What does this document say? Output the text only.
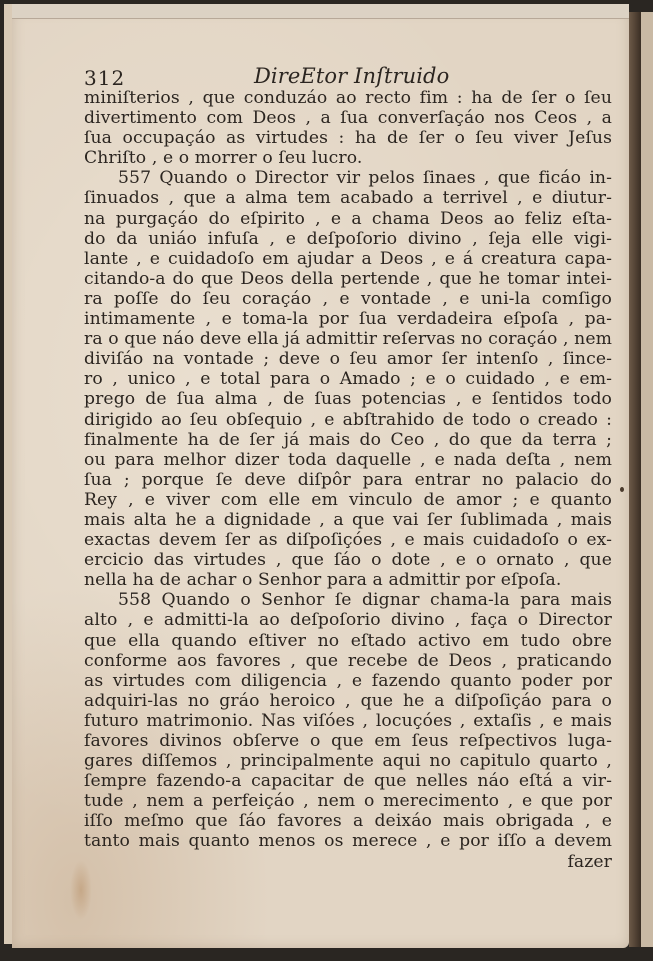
312	DireEtor Inſtruido
miniſterios , que conduzáo ao recto fim : ha de ſer o ſeu
divertimento com Deos , a ſua converſaçáo nos Ceos , a
ſua occupaçáo as virtudes : ha de ſer o ſeu viver Jeſus
Chriſto , e o morrer o ſeu lucro.
557 Quando o Director vir pelos ſinaes , que ficáo in-
ſinuados , que a alma tem acabado a terrivel , e diutur-
na purgaçáo do eſpirito , e a chama Deos ao feliz eſta-
do da uniáo infuſa , e deſpoſorio divino , ſeja elle vigi-
lante , e cuidadoſo em ajudar a Deos , e á creatura capa-
citando-a do que Deos della pertende , que he tomar intei-
ra poſſe do ſeu coraçáo , e vontade , e uni-la comſigo
intimamente , e toma-la por ſua verdadeira eſpoſa , pa-
ra o que náo deve ella já admittir reſervas no coraçáo , nem
diviſáo na vontade ; deve o ſeu amor ſer intenſo , ſince-
ro , unico , e total para o Amado ; e o cuidado , e em-
prego de ſua alma , de ſuas potencias , e ſentidos todo
dirigido ao ſeu obſequio , e abſtrahido de todo o creado :
finalmente ha de ſer já mais do Ceo , do que da terra ;
ou para melhor dizer toda daquelle , e nada deſta , nem
ſua ; porque ſe deve diſpôr para entrar no palacio do
Rey , e viver com elle em vinculo de amor ; e quanto
mais alta he a dignidade , a que vai ſer ſublimada , mais
exactas devem ſer as diſpoſiçóes , e mais cuidadoſo o ex-
ercicio das virtudes , que ſáo o dote , e o ornato , que
nella ha de achar o Senhor para a admittir por eſpoſa.
558 Quando o Senhor ſe dignar chama-la para mais
alto , e admitti-la ao deſpoſorio divino , faça o Director
que ella quando eſtiver no eſtado activo em tudo obre
conforme aos favores , que recebe de Deos , praticando
as virtudes com diligencia , e fazendo quanto poder por
adquiri-las no gráo heroico , que he a diſpoſiçáo para o
futuro matrimonio. Nas viſóes , locuçóes , extaſis , e mais
favores divinos obſerve o que em ſeus reſpectivos luga-
gares diſſemos , principalmente aqui no capitulo quarto ,
ſempre fazendo-a capacitar de que nelles náo eſtá a vir-
tude , nem a perfeiçáo , nem o merecimento , e que por
iſſo meſmo que ſáo favores a deixáo mais obrigada , e
tanto mais quanto menos os merece , e por iſſo a devem
fazer
